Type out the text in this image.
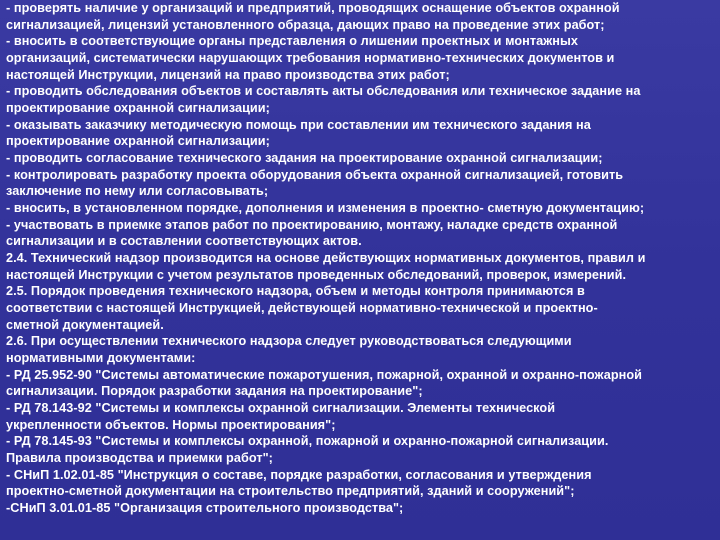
- проверять наличие у организаций и предприятий, проводящих оснащение объектов охранной
сигнализацией, лицензий установленного образца, дающих право на проведение этих работ;
- вносить в соответствующие органы представления о лишении проектных и монтажных
организаций, систематически нарушающих требования нормативно-технических документов и
настоящей Инструкции, лицензий на право производства этих работ;
- проводить обследования объектов и составлять акты обследования или техническое задание на
проектирование охранной сигнализации;
- оказывать заказчику методическую помощь при составлении им технического задания на
проектирование охранной сигнализации;
- проводить согласование технического задания на проектирование охранной сигнализации;
- контролировать разработку проекта оборудования объекта охранной сигнализацией, готовить
заключение по нему или согласовывать;
- вносить, в установленном порядке, дополнения и изменения в проектно- сметную документацию;
- участвовать в приемке этапов работ по проектированию, монтажу, наладке средств охранной
сигнализации и в составлении соответствующих актов.
2.4. Технический надзор производится на основе действующих нормативных документов, правил и
настоящей Инструкции с учетом результатов проведенных обследований, проверок, измерений.
2.5. Порядок проведения технического надзора, объем и методы контроля принимаются в
соответствии с настоящей Инструкцией, действующей нормативно-технической и проектно-
сметной документацией.
2.6. При осуществлении технического надзора следует руководствоваться следующими
нормативными документами:
- РД 25.952-90 "Системы автоматические пожаротушения, пожарной, охранной и охранно-пожарной
сигнализации. Порядок разработки задания на проектирование";
- РД 78.143-92 "Системы и комплексы охранной сигнализации. Элементы технической
укрепленности объектов. Нормы проектирования";
- РД 78.145-93 "Системы и комплексы охранной, пожарной и охранно-пожарной сигнализации.
Правила производства и приемки работ";
- СНиП 1.02.01-85 "Инструкция о составе, порядке разработки, согласования и утверждения
проектно-сметной документации на строительство предприятий, зданий и сооружений";
-СНиП 3.01.01-85 "Организация строительного производства";
